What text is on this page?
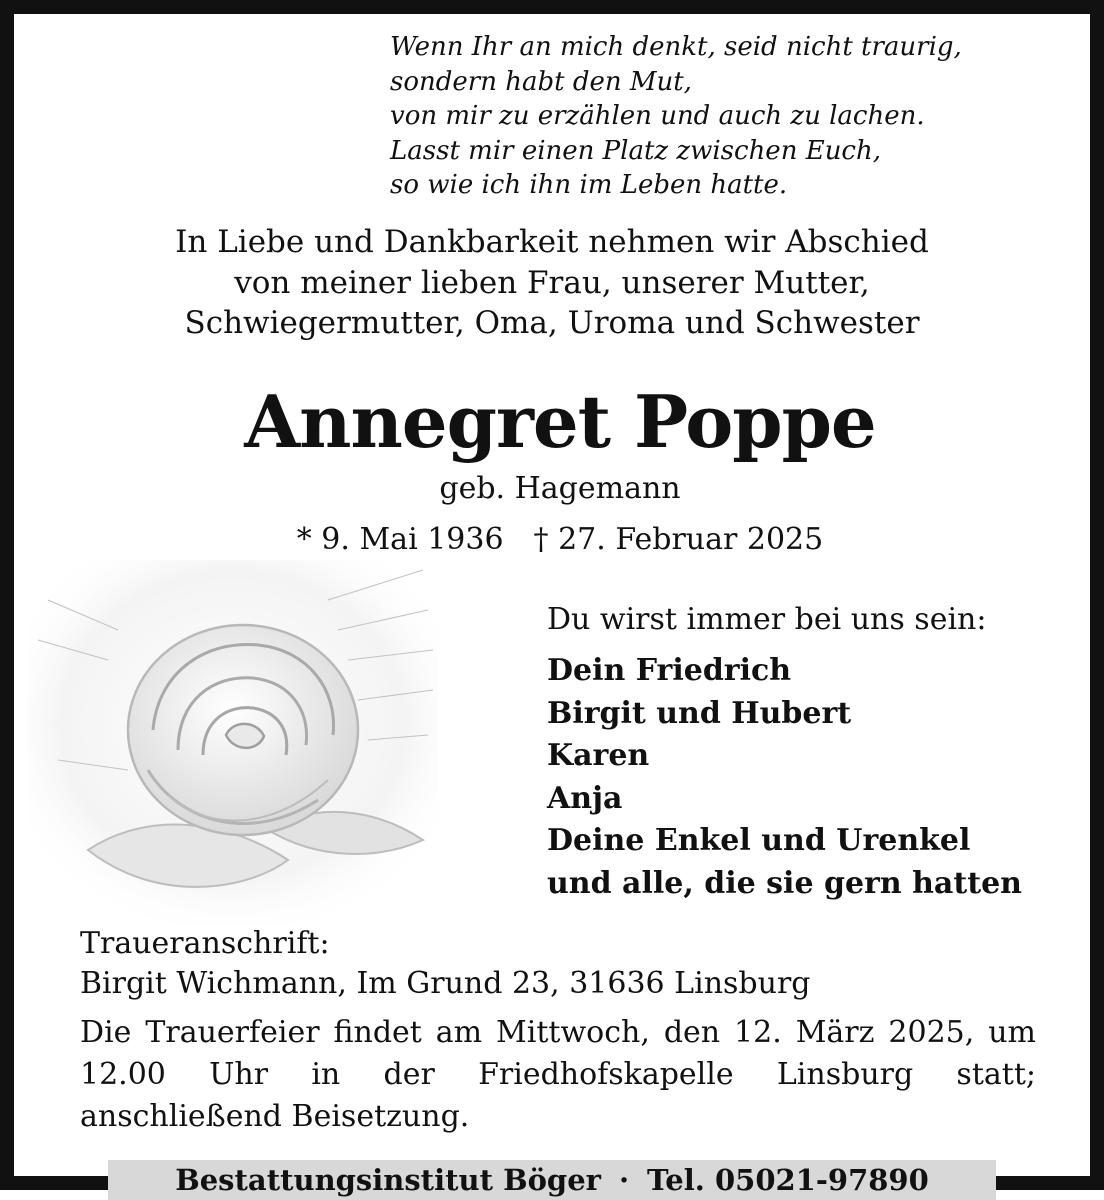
Wenn Ihr an mich denkt, seid nicht traurig,
sondern habt den Mut,
von mir zu erzählen und auch zu lachen.
Lasst mir einen Platz zwischen Euch,
so wie ich ihn im Leben hatte.
In Liebe und Dankbarkeit nehmen wir Abschied
von meiner lieben Frau, unserer Mutter,
Schwiegermutter, Oma, Uroma und Schwester
Annegret Poppe
geb. Hagemann
* 9. Mai 1936 † 27. Februar 2025
Du wirst immer bei uns sein:
Dein Friedrich
Birgit und Hubert
Karen
Anja
Deine Enkel und Urenkel
und alle, die sie gern hatten
Traueranschrift:
Birgit Wichmann, Im Grund 23, 31636 Linsburg
Die Trauerfeier findet am Mittwoch, den 12. März 2025, um 12.00 Uhr in der Friedhofskapelle Linsburg statt; anschließend Beisetzung.
Bestattungsinstitut Böger · Tel. 05021-97890
